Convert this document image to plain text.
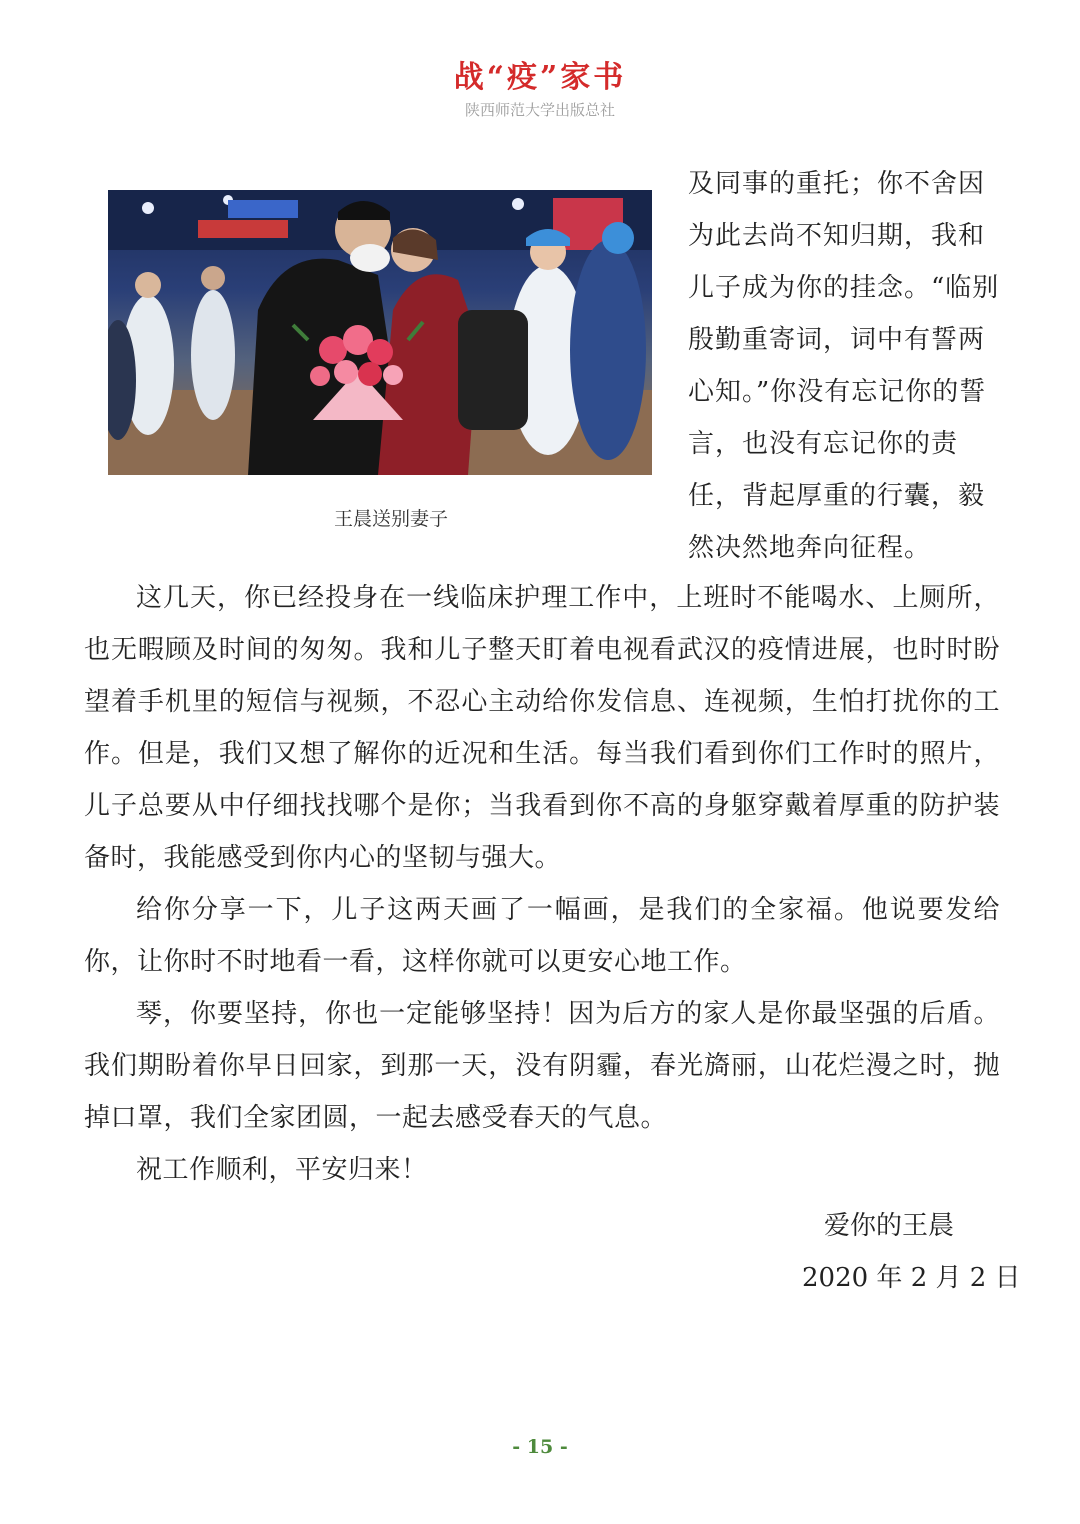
战“疫”家书
陕西师范大学出版总社
王晨送别妻子

及同事的重托；你不舍因为此去尚不知归期，我和儿子成为你的挂念。“临别殷勤重寄词，词中有誓两心知。”你没有忘记你的誓言，也没有忘记你的责任，背起厚重的行囊，毅然决然地奔向征程。

这几天，你已经投身在一线临床护理工作中，上班时不能喝水、上厕所，也无暇顾及时间的匆匆。我和儿子整天盯着电视看武汉的疫情进展，也时时盼望着手机里的短信与视频，不忍心主动给你发信息、连视频，生怕打扰你的工作。但是，我们又想了解你的近况和生活。每当我们看到你们工作时的照片，儿子总要从中仔细找找哪个是你；当我看到你不高的身躯穿戴着厚重的防护装备时，我能感受到你内心的坚韧与强大。

给你分享一下，儿子这两天画了一幅画，是我们的全家福。他说要发给你，让你时不时地看一看，这样你就可以更安心地工作。

琴，你要坚持，你也一定能够坚持！因为后方的家人是你最坚强的后盾。我们期盼着你早日回家，到那一天，没有阴霾，春光旖丽，山花烂漫之时，抛掉口罩，我们全家团圆，一起去感受春天的气息。

祝工作顺利，平安归来！

爱你的王晨
2020 年 2 月 2 日
- 15 -
